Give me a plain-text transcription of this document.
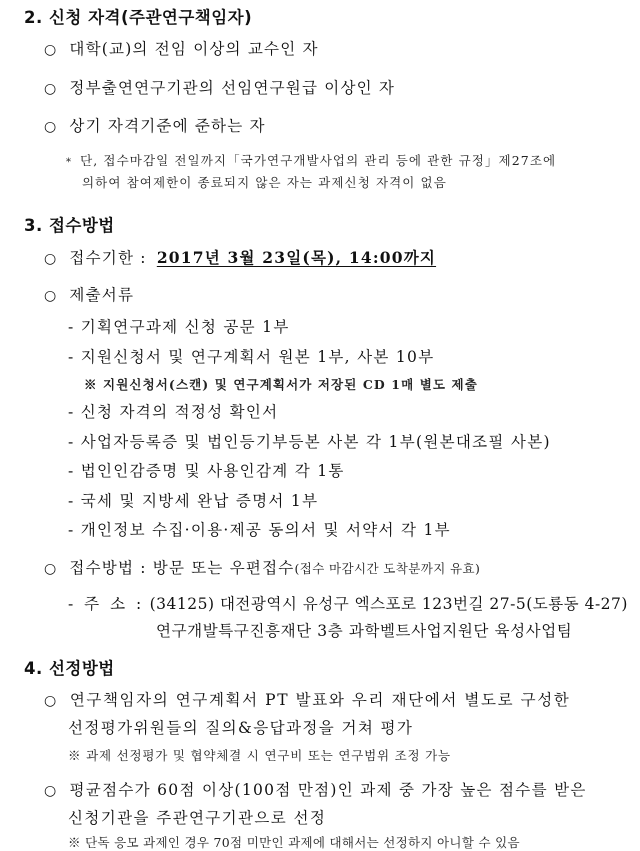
2. 신청 자격(주관연구책임자)
○ 대학(교)의 전임 이상의 교수인 자
○ 정부출연연구기관의 선임연구원급 이상인 자
○ 상기 자격기준에 준하는 자
* 단, 접수마감일 전일까지「국가연구개발사업의 관리 등에 관한 규정」제27조에
의하여 참여제한이 종료되지 않은 자는 과제신청 자격이 없음
3. 접수방법
○ 접수기한 : 2017년 3월 23일(목), 14:00까지
○ 제출서류
- 기획연구과제 신청 공문 1부
- 지원신청서 및 연구계획서 원본 1부, 사본 10부
※ 지원신청서(스캔) 및 연구계획서가 저장된 CD 1매 별도 제출
- 신청 자격의 적정성 확인서
- 사업자등록증 및 법인등기부등본 사본 각 1부(원본대조필 사본)
- 법인인감증명 및 사용인감계 각 1통
- 국세 및 지방세 완납 증명서 1부
- 개인정보 수집·이용·제공 동의서 및 서약서 각 1부
○ 접수방법 : 방문 또는 우편접수(접수 마감시간 도착분까지 유효)
- 주 소 : (34125) 대전광역시 유성구 엑스포로 123번길 27-5(도룡동 4-27)
연구개발특구진흥재단 3층 과학벨트사업지원단 육성사업팀
4. 선정방법
○ 연구책임자의 연구계획서 PT 발표와 우리 재단에서 별도로 구성한
선정평가위원들의 질의&응답과정을 거쳐 평가
※ 과제 선정평가 및 협약체결 시 연구비 또는 연구범위 조정 가능
○ 평균점수가 60점 이상(100점 만점)인 과제 중 가장 높은 점수를 받은
신청기관을 주관연구기관으로 선정
※ 단독 응모 과제인 경우 70점 미만인 과제에 대해서는 선정하지 아니할 수 있음
